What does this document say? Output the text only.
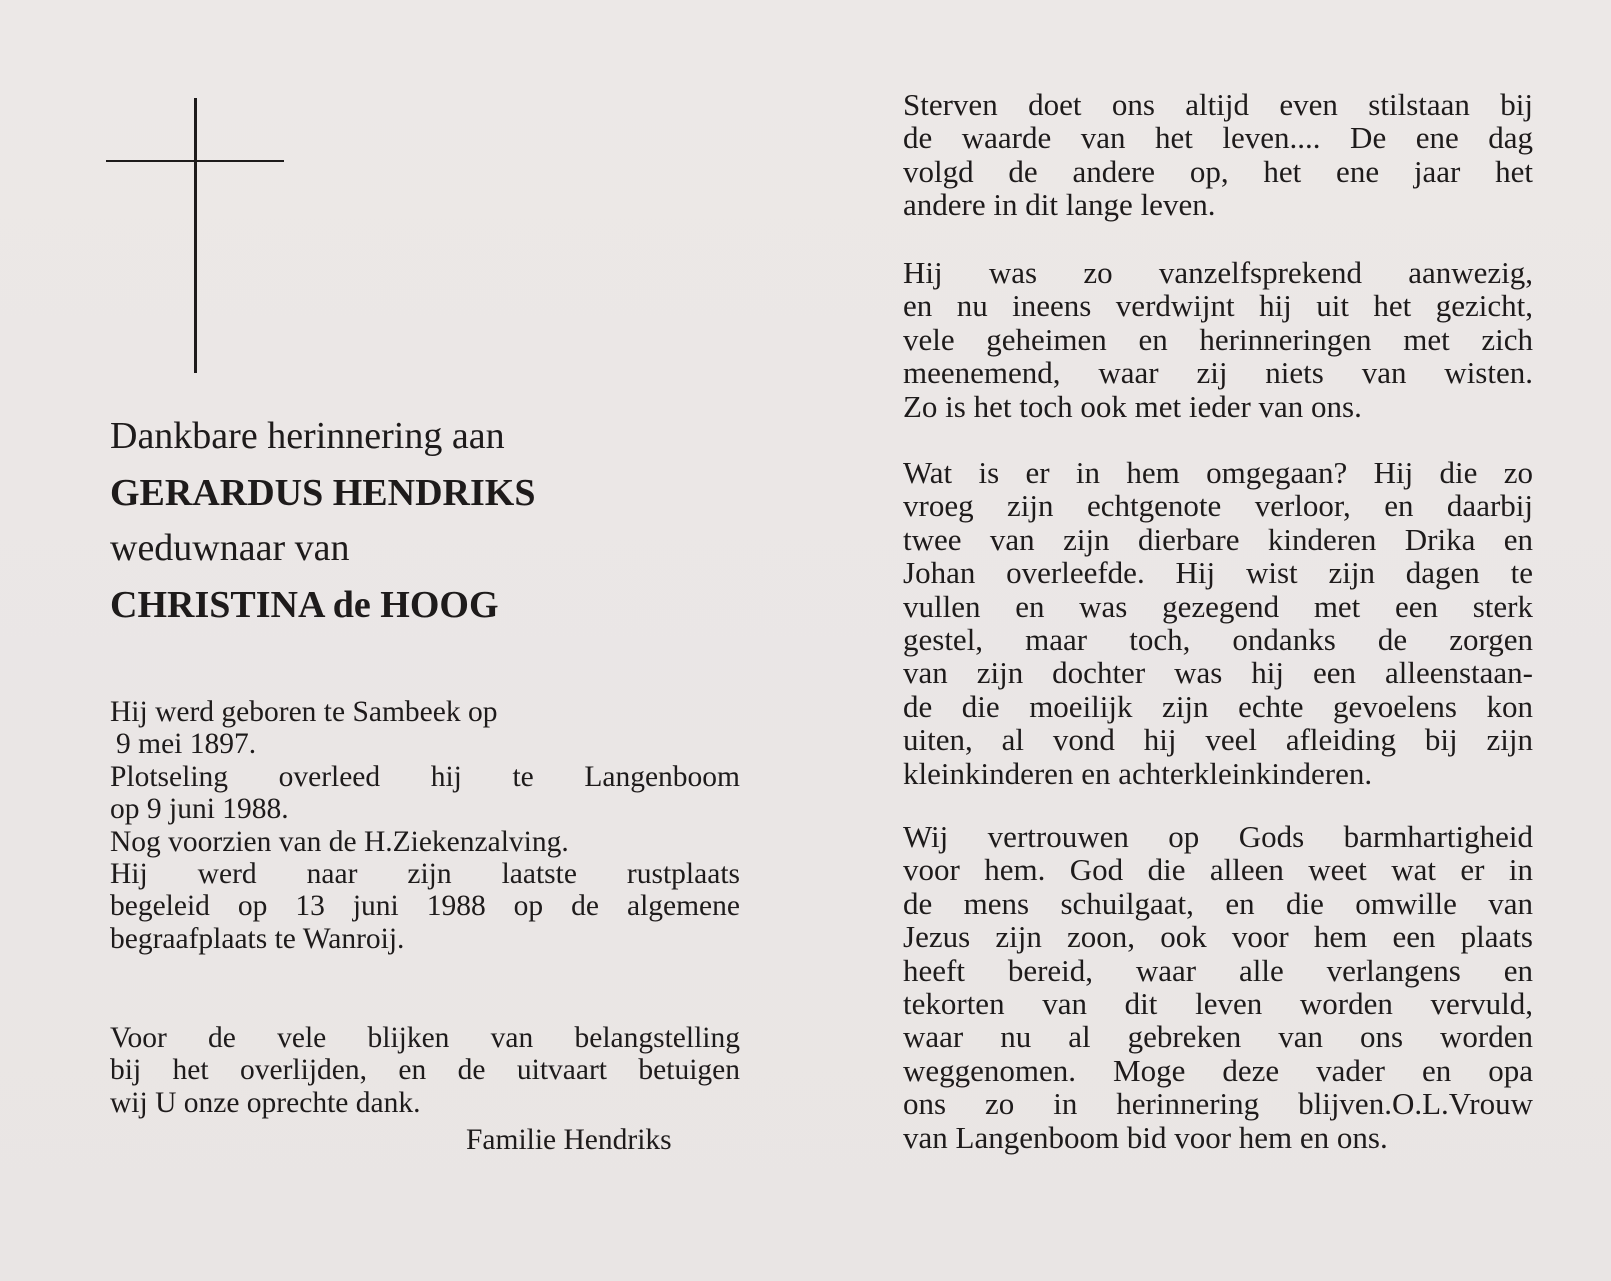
Dankbare herinnering aan
GERARDUS HENDRIKS
weduwnaar van
CHRISTINA de HOOG
Hij werd geboren te Sambeek op
9 mei 1897.
Plotseling overleed hij te Langenboom
op 9 juni 1988.
Nog voorzien van de H.Ziekenzalving.
Hij werd naar zijn laatste rustplaats
begeleid op 13 juni 1988 op de algemene
begraafplaats te Wanroij.
Voor de vele blijken van belangstelling
bij het overlijden, en de uitvaart betuigen
wij U onze oprechte dank.
Familie Hendriks
Sterven doet ons altijd even stilstaan bij
de waarde van het leven.... De ene dag
volgd de andere op, het ene jaar het
andere in dit lange leven.
Hij was zo vanzelfsprekend aanwezig,
en nu ineens verdwijnt hij uit het gezicht,
vele geheimen en herinneringen met zich
meenemend, waar zij niets van wisten.
Zo is het toch ook met ieder van ons.
Wat is er in hem omgegaan? Hij die zo
vroeg zijn echtgenote verloor, en daarbij
twee van zijn dierbare kinderen Drika en
Johan overleefde. Hij wist zijn dagen te
vullen en was gezegend met een sterk
gestel, maar toch, ondanks de zorgen
van zijn dochter was hij een alleenstaan-
de die moeilijk zijn echte gevoelens kon
uiten, al vond hij veel afleiding bij zijn
kleinkinderen en achterkleinkinderen.
Wij vertrouwen op Gods barmhartigheid
voor hem. God die alleen weet wat er in
de mens schuilgaat, en die omwille van
Jezus zijn zoon, ook voor hem een plaats
heeft bereid, waar alle verlangens en
tekorten van dit leven worden vervuld,
waar nu al gebreken van ons worden
weggenomen. Moge deze vader en opa
ons zo in herinnering blijven.O.L.Vrouw
van Langenboom bid voor hem en ons.
